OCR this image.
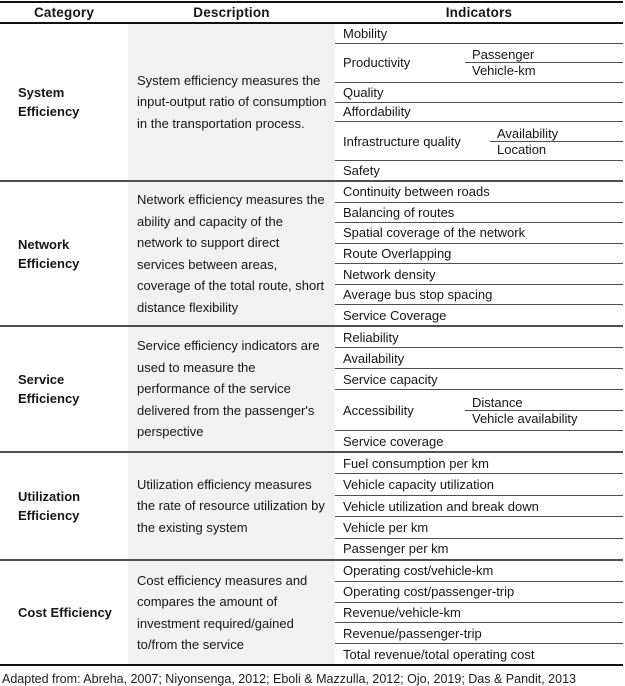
Category	Description	Indicators
System Efficiency
System efficiency measures the input-output ratio of consumption in the transportation process.
Mobility
Productivity
Passenger
Vehicle-km
Quality
Affordability
Infrastructure quality
Availability
Location
Safety
Network Efficiency
Network efficiency measures the ability and capacity of the network to support direct services between areas, coverage of the total route, short distance flexibility
Continuity between roads
Balancing of routes
Spatial coverage of the network
Route Overlapping
Network density
Average bus stop spacing
Service Coverage
Service Efficiency
Service efficiency indicators are used to measure the performance of the service delivered from the passenger's perspective
Reliability
Availability
Service capacity
Accessibility
Distance
Vehicle availability
Service coverage
Utilization Efficiency
Utilization efficiency measures the rate of resource utilization by the existing system
Fuel consumption per km
Vehicle capacity utilization
Vehicle utilization and break down
Vehicle per km
Passenger per km
Cost Efficiency
Cost efficiency measures and compares the amount of investment required/gained to/from the service
Operating cost/vehicle-km
Operating cost/passenger-trip
Revenue/vehicle-km
Revenue/passenger-trip
Total revenue/total operating cost
Adapted from: Abreha, 2007; Niyonsenga, 2012; Eboli & Mazzulla, 2012; Ojo, 2019; Das & Pandit, 2013
